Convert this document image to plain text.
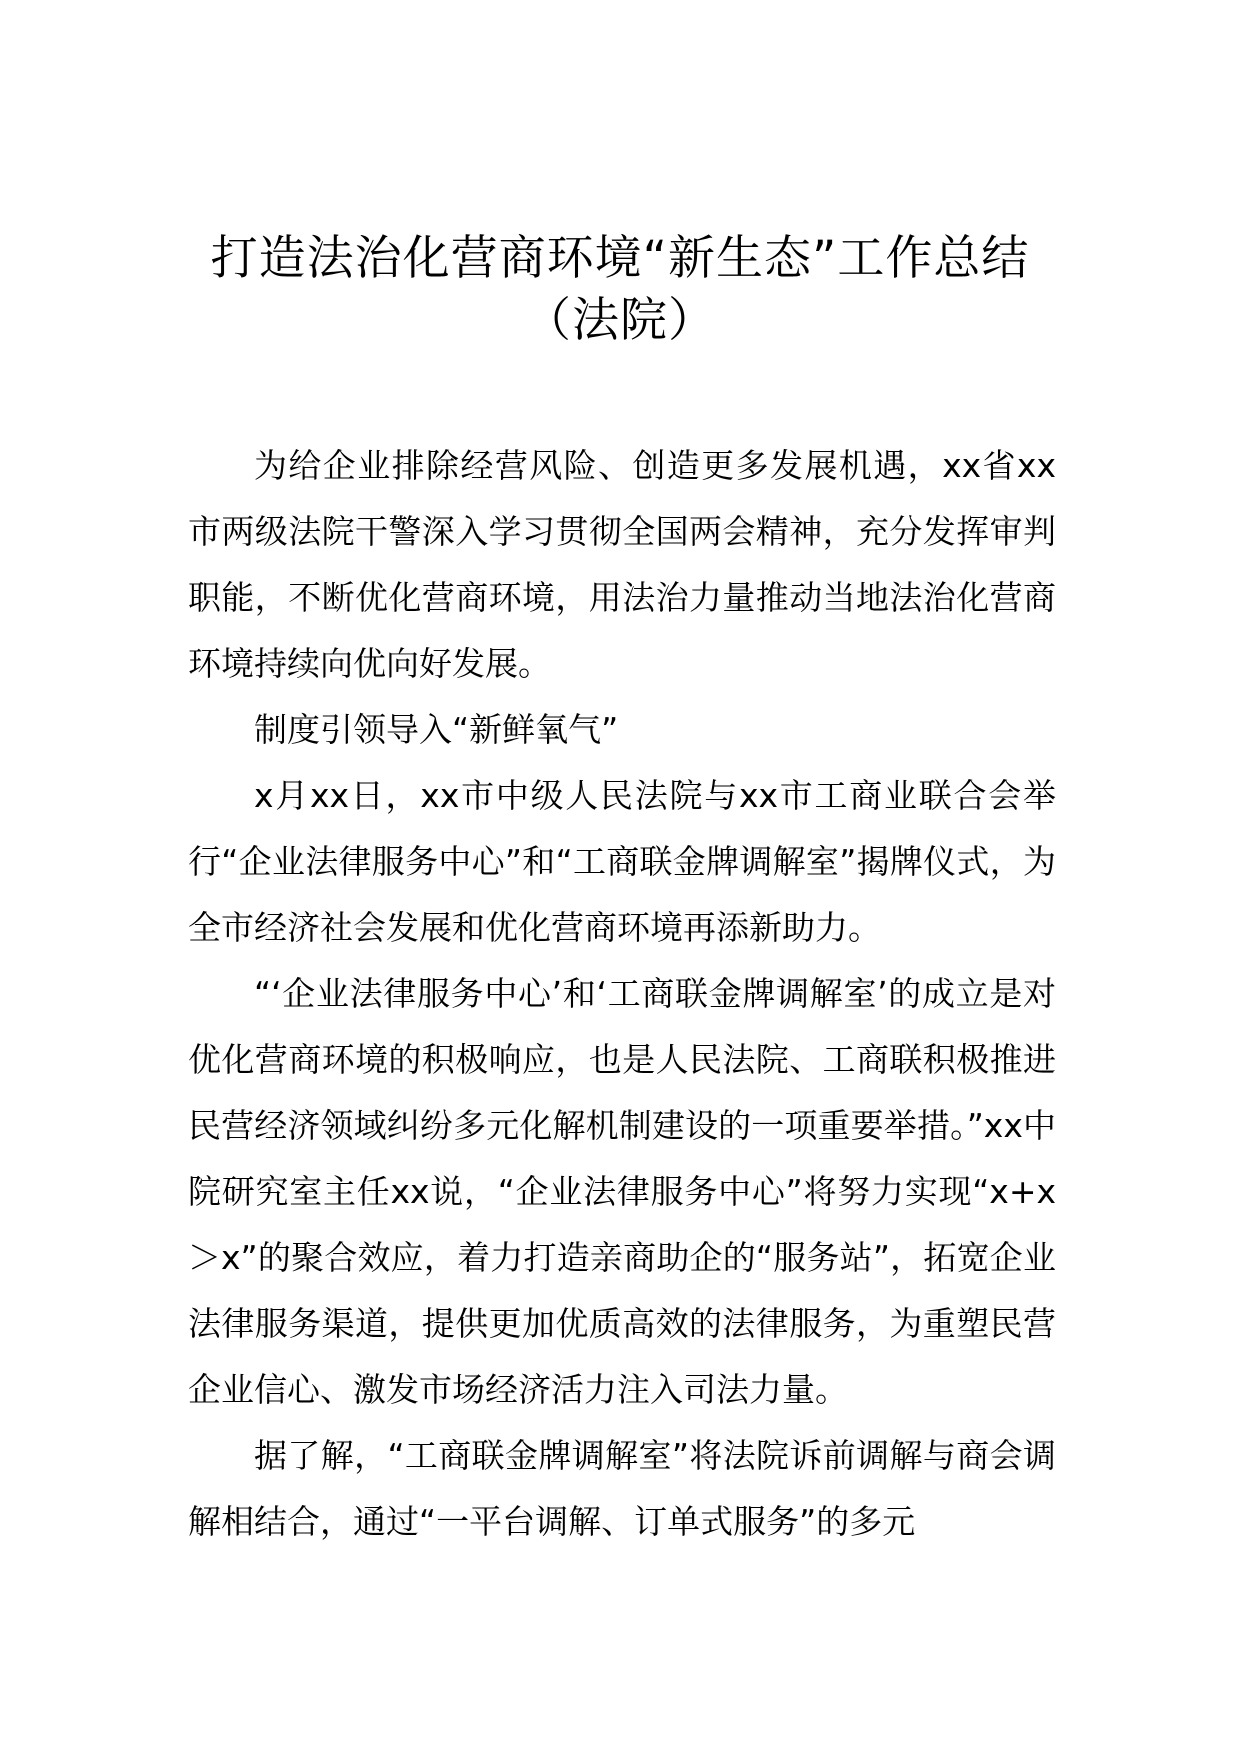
打造法治化营商环境“新生态”工作总结
（法院）

为给企业排除经营风险、创造更多发展机遇，xx省xx市两级法院干警深入学习贯彻全国两会精神，充分发挥审判职能，不断优化营商环境，用法治力量推动当地法治化营商环境持续向优向好发展。

制度引领导入“新鲜氧气”

x月xx日，xx市中级人民法院与xx市工商业联合会举行“企业法律服务中心”和“工商联金牌调解室”揭牌仪式，为全市经济社会发展和优化营商环境再添新助力。

“‘企业法律服务中心’和‘工商联金牌调解室’的成立是对优化营商环境的积极响应，也是人民法院、工商联积极推进民营经济领域纠纷多元化解机制建设的一项重要举措。”xx中院研究室主任xx说，“企业法律服务中心”将努力实现“x+x＞x”的聚合效应，着力打造亲商助企的“服务站”，拓宽企业法律服务渠道，提供更加优质高效的法律服务，为重塑民营企业信心、激发市场经济活力注入司法力量。

据了解，“工商联金牌调解室”将法院诉前调解与商会调解相结合，通过“一平台调解、订单式服务”的多元
